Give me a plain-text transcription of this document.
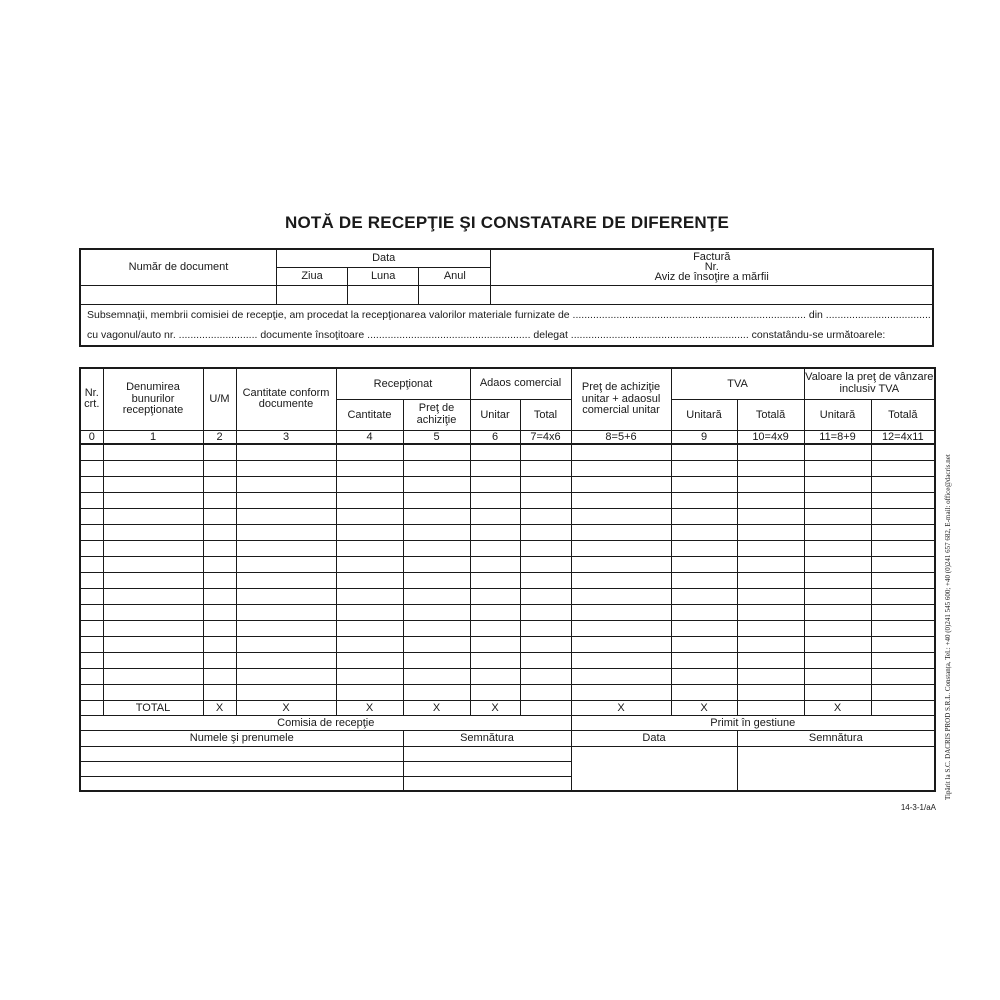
NOTĂ DE RECEPŢIE ŞI CONSTATARE DE DIFERENŢE
Număr de document	Data			Factură
Nr.
Aviz de însoţire a mărfii

	Ziua	Luna	Anul	

Subsemnaţii, membrii comisiei de recepţie, am procedat la recepţionarea valorilor materiale furnizate de ................................................................................ din ....................................				
cu vagonul/auto nr. ........................... documente însoţitoare ........................................................ delegat ............................................................. constatându-se următoarele:				
Nr. crt.	Denumirea bunurilor recepţionate	U/M	Cantitate conform documente	Recepţionat		Adaos comercial		Preţ de achiziţie unitar + adaosul comercial unitar	TVA		Valoare la preţ de vânzare inclusiv TVA	
				Cantitate	Preţ de achiziţie	Unitar	Total		Unitară	Totală	Unitară	Totală
0	1	2	3	4	5	6	7=4x6	8=5+6	9	10=4x9	11=8+9	12=4x11

	TOTAL	X	X	X	X	X		X	X		X	
Comisia de recepţie								Primit în gestiune				
Numele şi prenumele					Semnătura			Data		Semnătura		

		Tipărit la S.C. DACRIS PROD S.R.L. Constanța, Tel.: +40 (0)241 545 600; +40 (0)241 657 682, E-mail: office@dacris.net
14-3-1/aA
